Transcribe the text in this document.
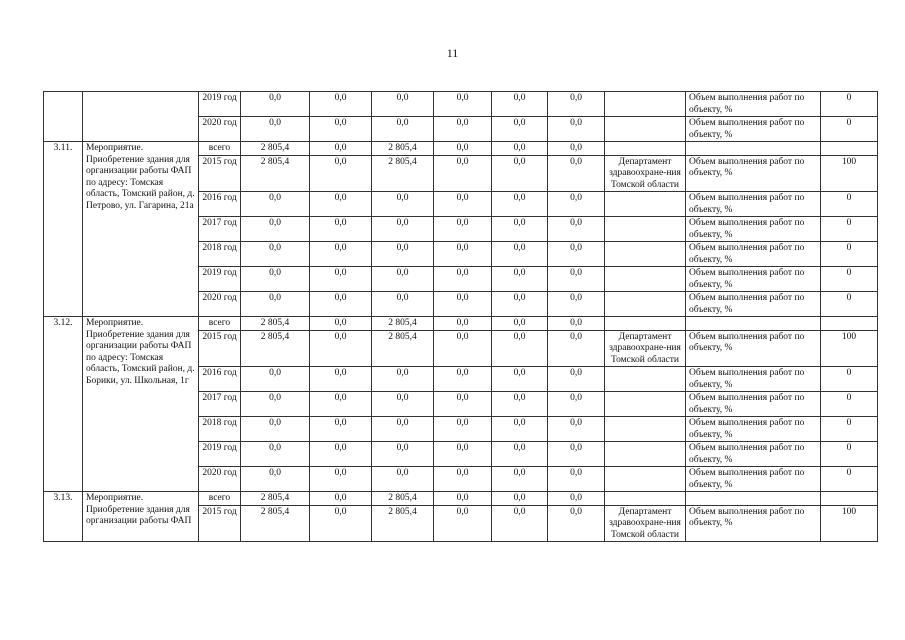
11
		2019 год	0,0	0,0	0,0	0,0	0,0	0,0		Объем выполнения работ по объекту, %	0
		2020 год	0,0	0,0	0,0	0,0	0,0	0,0		Объем выполнения работ по объекту, %	0
3.11.	Мероприятие. Приобретение здания для организации работы ФАП по адресу: Томская область, Томский район, д. Петрово, ул. Гагарина, 21а	всего	2 805,4	0,0	2 805,4	0,0	0,0	0,0			
		2015 год	2 805,4	0,0	2 805,4	0,0	0,0	0,0	Департамент здравоохране-ния Томской области	Объем выполнения работ по объекту, %	100
		2016 год	0,0	0,0	0,0	0,0	0,0	0,0		Объем выполнения работ по объекту, %	0
		2017 год	0,0	0,0	0,0	0,0	0,0	0,0		Объем выполнения работ по объекту, %	0
		2018 год	0,0	0,0	0,0	0,0	0,0	0,0		Объем выполнения работ по объекту, %	0
		2019 год	0,0	0,0	0,0	0,0	0,0	0,0		Объем выполнения работ по объекту, %	0
		2020 год	0,0	0,0	0,0	0,0	0,0	0,0		Объем выполнения работ по объекту, %	0
3.12.	Мероприятие. Приобретение здания для организации работы ФАП по адресу: Томская область, Томский район, д. Борики, ул. Школьная, 1г	всего	2 805,4	0,0	2 805,4	0,0	0,0	0,0			
		2015 год	2 805,4	0,0	2 805,4	0,0	0,0	0,0	Департамент здравоохране-ния Томской области	Объем выполнения работ по объекту, %	100
		2016 год	0,0	0,0	0,0	0,0	0,0	0,0		Объем выполнения работ по объекту, %	0
		2017 год	0,0	0,0	0,0	0,0	0,0	0,0		Объем выполнения работ по объекту, %	0
		2018 год	0,0	0,0	0,0	0,0	0,0	0,0		Объем выполнения работ по объекту, %	0
		2019 год	0,0	0,0	0,0	0,0	0,0	0,0		Объем выполнения работ по объекту, %	0
		2020 год	0,0	0,0	0,0	0,0	0,0	0,0		Объем выполнения работ по объекту, %	0
3.13.	Мероприятие. Приобретение здания для организации работы ФАП	всего	2 805,4	0,0	2 805,4	0,0	0,0	0,0			
		2015 год	2 805,4	0,0	2 805,4	0,0	0,0	0,0	Департамент здравоохране-ния Томской области	Объем выполнения работ по объекту, %	100
